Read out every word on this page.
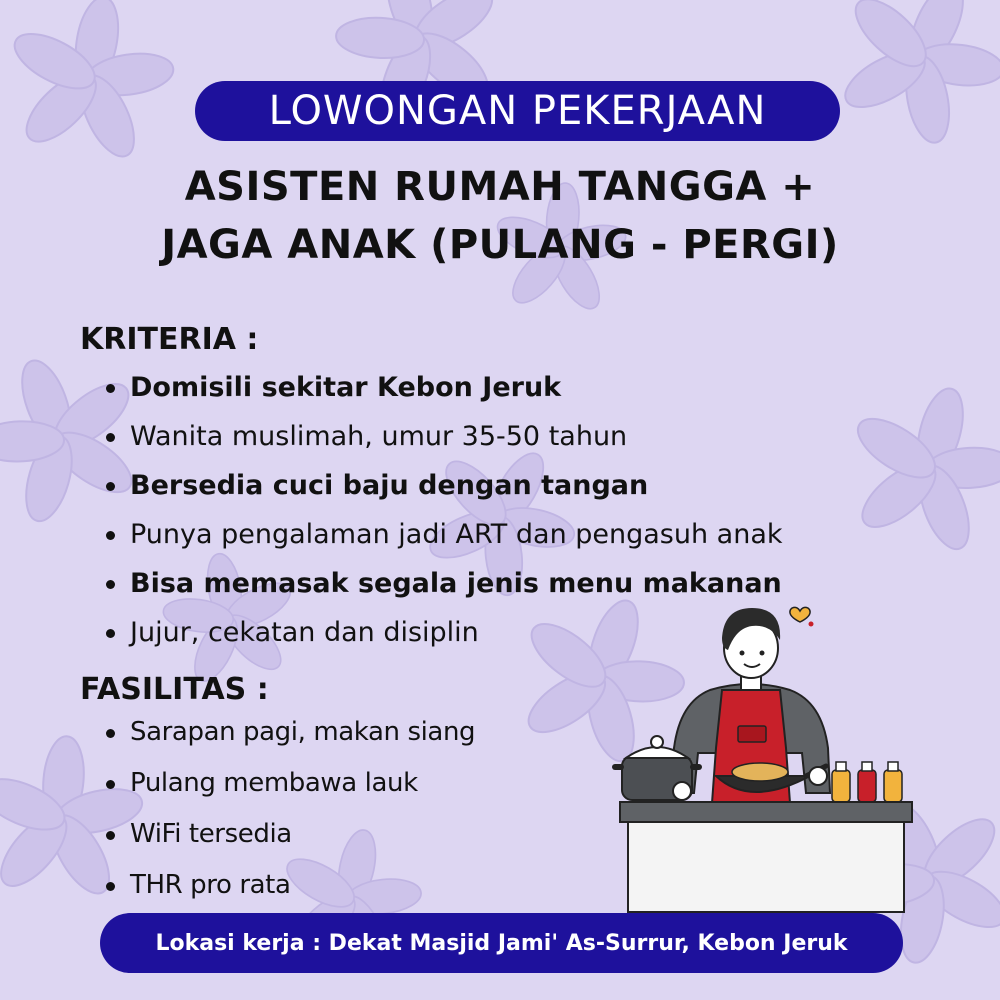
LOWONGAN PEKERJAAN
ASISTEN RUMAH TANGGA +
JAGA ANAK (PULANG - PERGI)
KRITERIA :
Domisili sekitar Kebon Jeruk
Wanita muslimah, umur 35-50 tahun
Bersedia cuci baju dengan tangan
Punya pengalaman jadi ART dan pengasuh anak
Bisa memasak segala jenis menu makanan
Jujur, cekatan dan disiplin
FASILITAS :
Sarapan pagi, makan siang
Pulang membawa lauk
WiFi tersedia
THR pro rata
Lokasi kerja : Dekat Masjid Jami' As-Surrur, Kebon Jeruk
